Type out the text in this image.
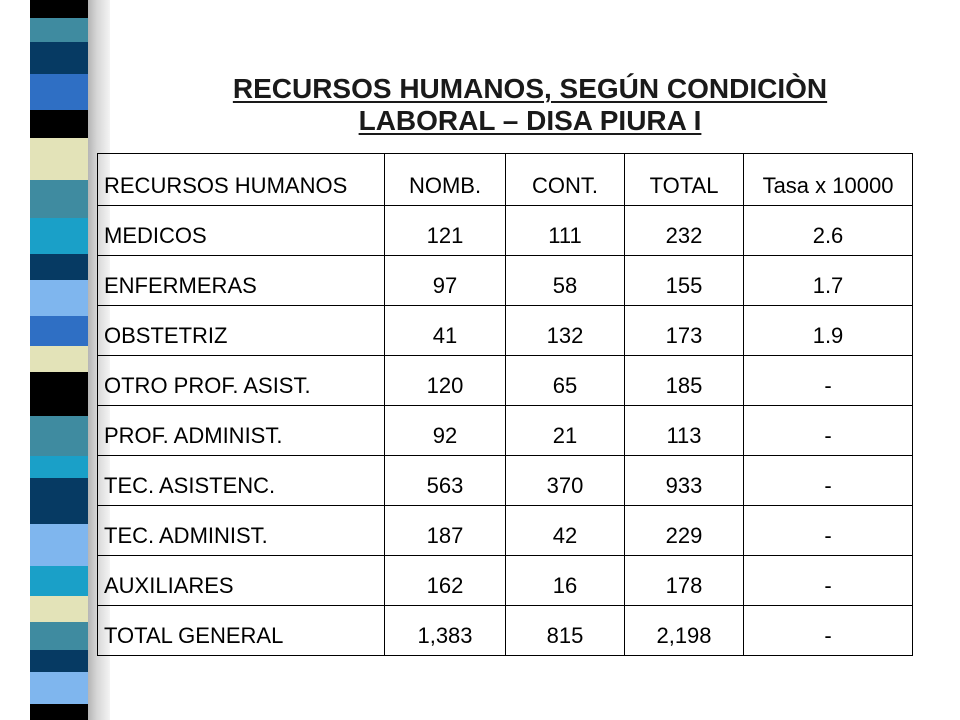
RECURSOS HUMANOS, SEGÚN CONDICIÒN
LABORAL – DISA PIURA I
RECURSOS HUMANOS	NOMB.	CONT.	TOTAL	Tasa x 10000
MEDICOS	121	111	232	2.6
ENFERMERAS	97	58	155	1.7
OBSTETRIZ	41	132	173	1.9
OTRO PROF. ASIST.	120	65	185	-
PROF. ADMINIST.	92	21	113	-
TEC. ASISTENC.	563	370	933	-
TEC. ADMINIST.	187	42	229	-
AUXILIARES	162	16	178	-
TOTAL GENERAL	1,383	815	2,198	-
